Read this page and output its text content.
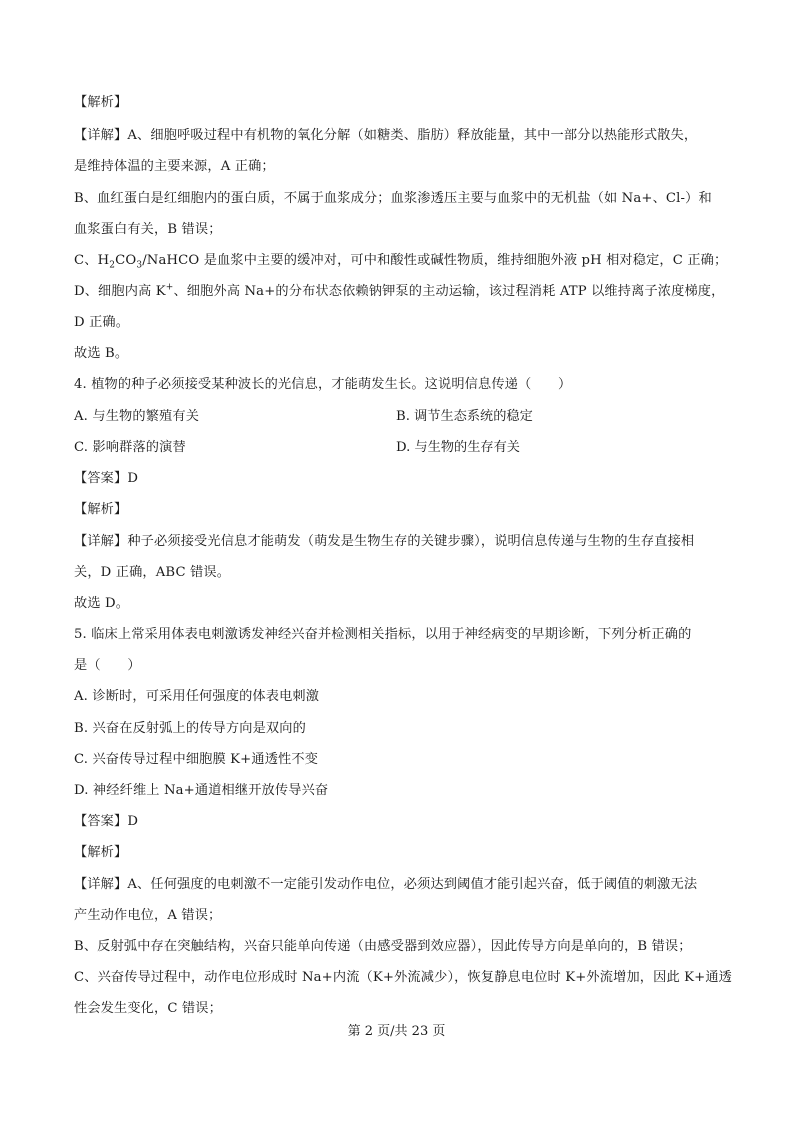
【解析】
【详解】A、细胞呼吸过程中有机物的氧化分解（如糖类、脂肪）释放能量，其中一部分以热能形式散失，
是维持体温的主要来源，A 正确；
B、血红蛋白是红细胞内的蛋白质，不属于血浆成分；血浆渗透压主要与血浆中的无机盐（如 Na+、Cl-）和
血浆蛋白有关，B 错误；
C、$H_2CO_3$/NaHCO 是血浆中主要的缓冲对，可中和酸性或碱性物质，维持细胞外液 pH 相对稳定，C 正确；
D、细胞内高 K+、细胞外高 Na+的分布状态依赖钠钾泵的主动运输，该过程消耗 ATP 以维持离子浓度梯度，
D 正确。
故选 B。
4. 植物的种子必须接受某种波长的光信息，才能萌发生长。这说明信息传递（　　）
A. 与生物的繁殖有关	B. 调节生态系统的稳定
C. 影响群落的演替	D. 与生物的生存有关
【答案】D
【解析】
【详解】种子必须接受光信息才能萌发（萌发是生物生存的关键步骤），说明信息传递与生物的生存直接相
关，D 正确，ABC 错误。
故选 D。
5. 临床上常采用体表电刺激诱发神经兴奋并检测相关指标，以用于神经病变的早期诊断，下列分析正确的
是（　　）
A. 诊断时，可采用任何强度的体表电刺激
B. 兴奋在反射弧上的传导方向是双向的
C. 兴奋传导过程中细胞膜 K+通透性不变
D. 神经纤维上 Na+通道相继开放传导兴奋
【答案】D
【解析】
【详解】A、任何强度的电刺激不一定能引发动作电位，必须达到阈值才能引起兴奋，低于阈值的刺激无法
产生动作电位，A 错误；
B、反射弧中存在突触结构，兴奋只能单向传递（由感受器到效应器），因此传导方向是单向的，B 错误；
C、兴奋传导过程中，动作电位形成时 Na+内流（K+外流减少），恢复静息电位时 K+外流增加，因此 K+通透
性会发生变化，C 错误；
第 2 页/共 23 页
